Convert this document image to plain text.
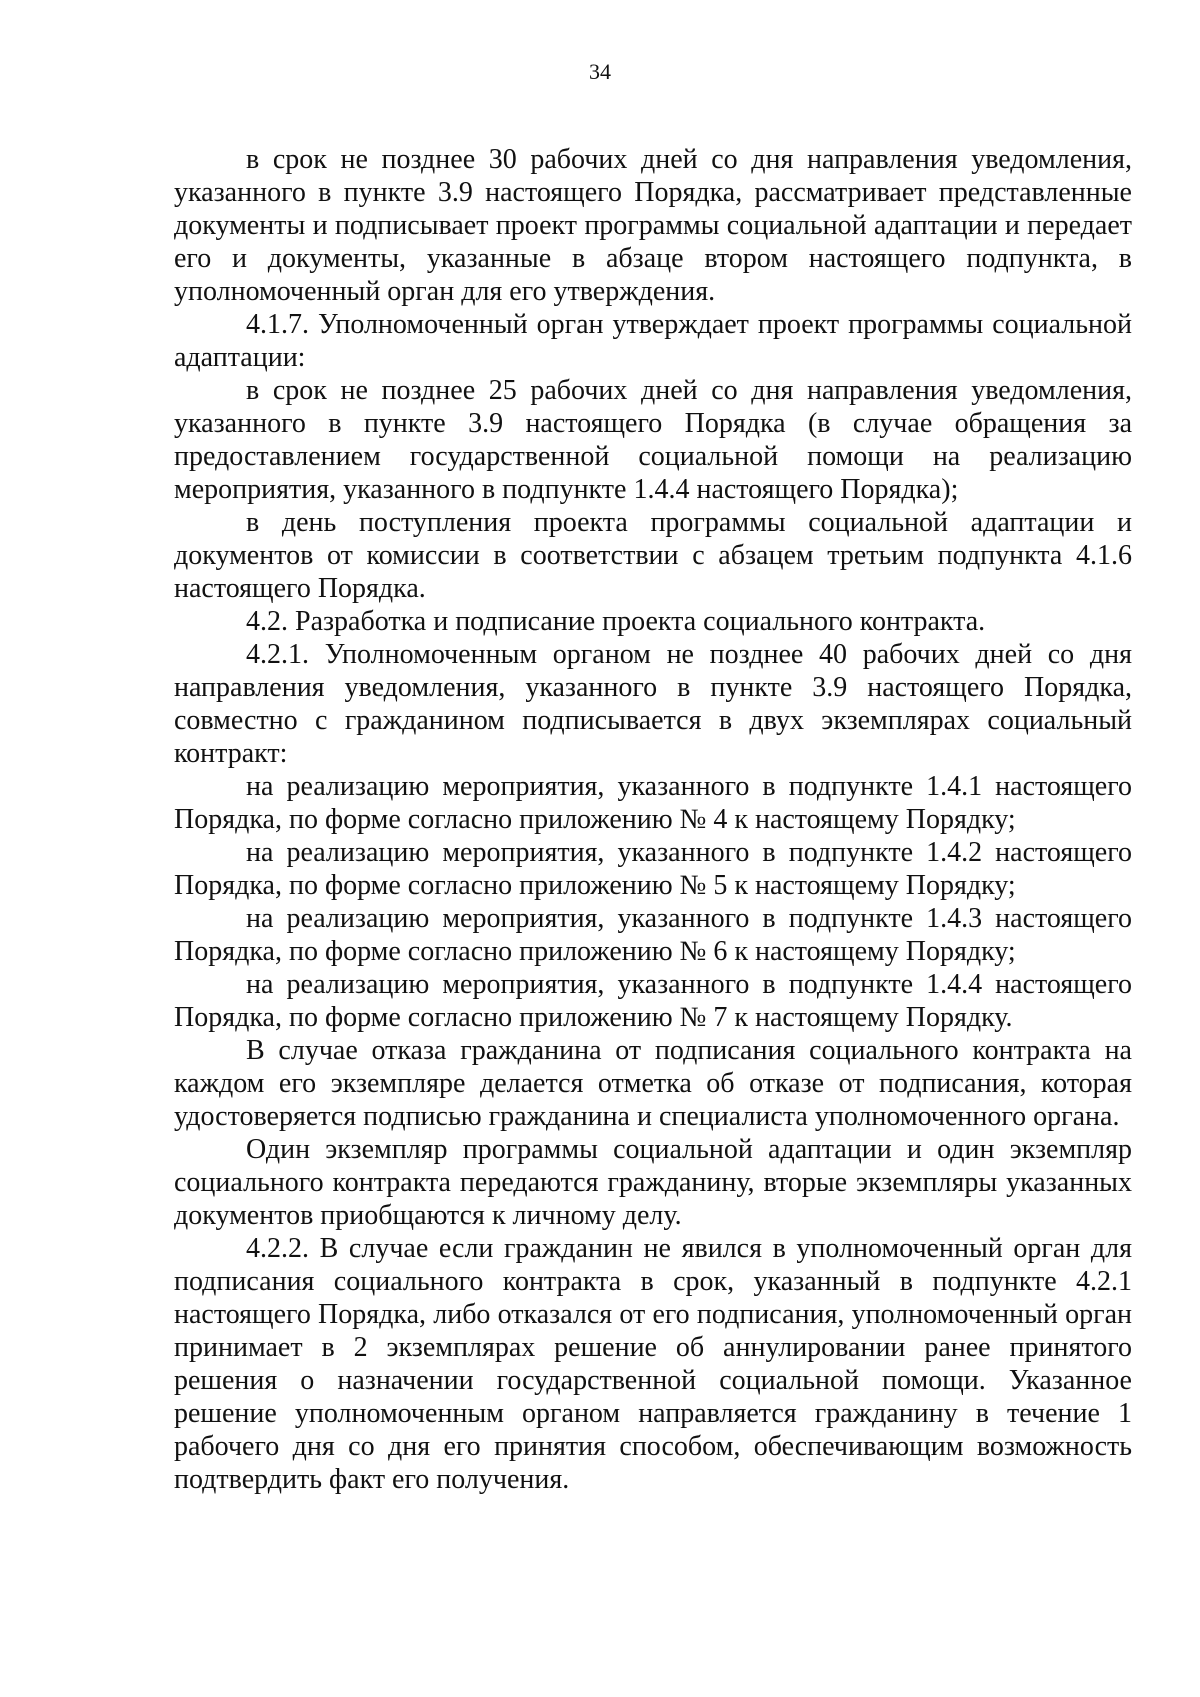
34

в срок не позднее 30 рабочих дней со дня направления уведомления, указанного в пункте 3.9 настоящего Порядка, рассматривает представленные документы и подписывает проект программы социальной адаптации и передает его и документы, указанные в абзаце втором настоящего подпункта, в уполномоченный орган для его утверждения.

4.1.7. Уполномоченный орган утверждает проект программы социальной адаптации:

в срок не позднее 25 рабочих дней со дня направления уведомления, указанного в пункте 3.9 настоящего Порядка (в случае обращения за предоставлением государственной социальной помощи на реализацию мероприятия, указанного в подпункте 1.4.4 настоящего Порядка);

в день поступления проекта программы социальной адаптации и документов от комиссии в соответствии с абзацем третьим подпункта 4.1.6 настоящего Порядка.

4.2. Разработка и подписание проекта социального контракта.

4.2.1. Уполномоченным органом не позднее 40 рабочих дней со дня направления уведомления, указанного в пункте 3.9 настоящего Порядка, совместно с гражданином подписывается в двух экземплярах социальный контракт:

на реализацию мероприятия, указанного в подпункте 1.4.1 настоящего Порядка, по форме согласно приложению № 4 к настоящему Порядку;

на реализацию мероприятия, указанного в подпункте 1.4.2 настоящего Порядка, по форме согласно приложению № 5 к настоящему Порядку;

на реализацию мероприятия, указанного в подпункте 1.4.3 настоящего Порядка, по форме согласно приложению № 6 к настоящему Порядку;

на реализацию мероприятия, указанного в подпункте 1.4.4 настоящего Порядка, по форме согласно приложению № 7 к настоящему Порядку.

В случае отказа гражданина от подписания социального контракта на каждом его экземпляре делается отметка об отказе от подписания, которая удостоверяется подписью гражданина и специалиста уполномоченного органа.

Один экземпляр программы социальной адаптации и один экземпляр социального контракта передаются гражданину, вторые экземпляры указанных документов приобщаются к личному делу.

4.2.2. В случае если гражданин не явился в уполномоченный орган для подписания социального контракта в срок, указанный в подпункте 4.2.1 настоящего Порядка, либо отказался от его подписания, уполномоченный орган принимает в 2 экземплярах решение об аннулировании ранее принятого решения о назначении государственной социальной помощи. Указанное решение уполномоченным органом направляется гражданину в течение 1 рабочего дня со дня его принятия способом, обеспечивающим возможность подтвердить факт его получения.
